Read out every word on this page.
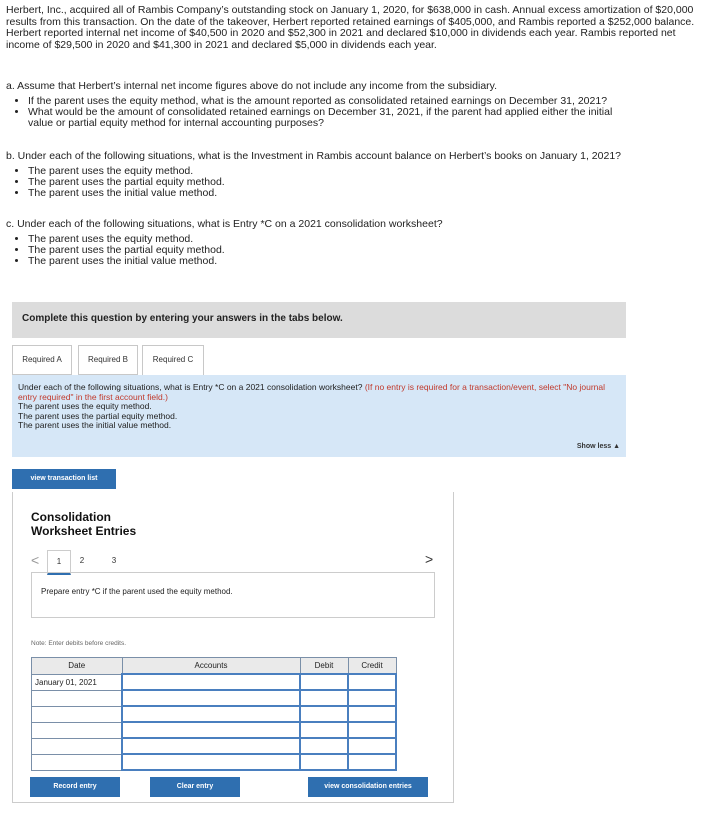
Herbert, Inc., acquired all of Rambis Company’s outstanding stock on January 1, 2020, for $638,000 in cash. Annual excess amortization of $20,000 results from this transaction. On the date of the takeover, Herbert reported retained earnings of $405,000, and Rambis reported a $252,000 balance. Herbert reported internal net income of $40,500 in 2020 and $52,300 in 2021 and declared $10,000 in dividends each year. Rambis reported net income of $29,500 in 2020 and $41,300 in 2021 and declared $5,000 in dividends each year.
a. Assume that Herbert’s internal net income figures above do not include any income from the subsidiary.
• If the parent uses the equity method, what is the amount reported as consolidated retained earnings on December 31, 2021?
• What would be the amount of consolidated retained earnings on December 31, 2021, if the parent had applied either the initial
value or partial equity method for internal accounting purposes?
b. Under each of the following situations, what is the Investment in Rambis account balance on Herbert’s books on January 1, 2021?
• The parent uses the equity method.
• The parent uses the partial equity method.
• The parent uses the initial value method.
c. Under each of the following situations, what is Entry *C on a 2021 consolidation worksheet?
• The parent uses the equity method.
• The parent uses the partial equity method.
• The parent uses the initial value method.
Complete this question by entering your answers in the tabs below.
Required A	Required B	Required C
Under each of the following situations, what is Entry *C on a 2021 consolidation worksheet? (If no entry is required for a transaction/event, select "No journal entry required" in the first account field.)
The parent uses the equity method.
The parent uses the partial equity method.
The parent uses the initial value method.
Show less ▲
view transaction list
Consolidation
Worksheet Entries
<	1	2	3	>
Prepare entry *C if the parent used the equity method.
Note: Enter debits before credits.
Date	Accounts	Debit	Credit
January 01, 2021			

Record entry	Clear entry	view consolidation entries
